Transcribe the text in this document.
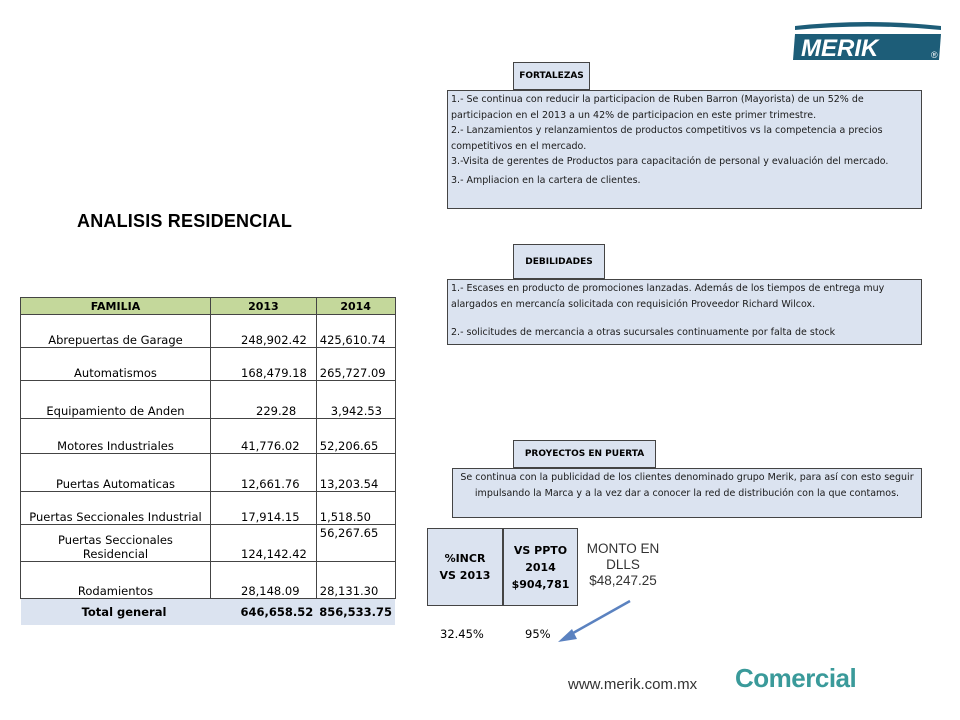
MERIK	®
ANALISIS RESIDENCIAL
FORTALEZAS

1.- Se continua con reducir la participacion de Ruben Barron (Mayorista) de un 52% de participacion en el 2013 a un 42% de participacion en este primer trimestre.

2.- Lanzamientos y relanzamientos de productos competitivos vs la competencia a precios competitivos en el mercado.

3.-Visita de gerentes de Productos para capacitación de personal y evaluación del mercado.

3.- Ampliacion en la cartera de clientes.

DEBILIDADES

1.- Escases en producto de promociones lanzadas. Además de los tiempos de entrega muy alargados en mercancía solicitada con requisición Proveedor Richard Wilcox.

2.- solicitudes de mercancia a otras sucursales continuamente por falta de stock

PROYECTOS EN PUERTA
Se continua con la publicidad de los clientes denominado grupo Merik, para así con esto seguir impulsando la Marca y a la vez dar a conocer la red de distribución con la que contamos.
FAMILIA	2013	2014
Abrepuertas de Garage	248,902.42	425,610.74
Automatismos	168,479.18	265,727.09
Equipamiento de Anden	229.28	3,942.53
Motores Industriales	41,776.02	52,206.65
Puertas Automaticas	12,661.76	13,203.54
Puertas Seccionales Industrial	17,914.15	1,518.50
Puertas Seccionales Residencial	124,142.42	56,267.65
Rodamientos	28,148.09	28,131.30
Total general	646,658.52	856,533.75
%INCR VS 2013
VS PPTO 2014 $904,781
32.45%	95%
MONTO EN DLLS $48,247.25
www.merik.com.mx Comercial
